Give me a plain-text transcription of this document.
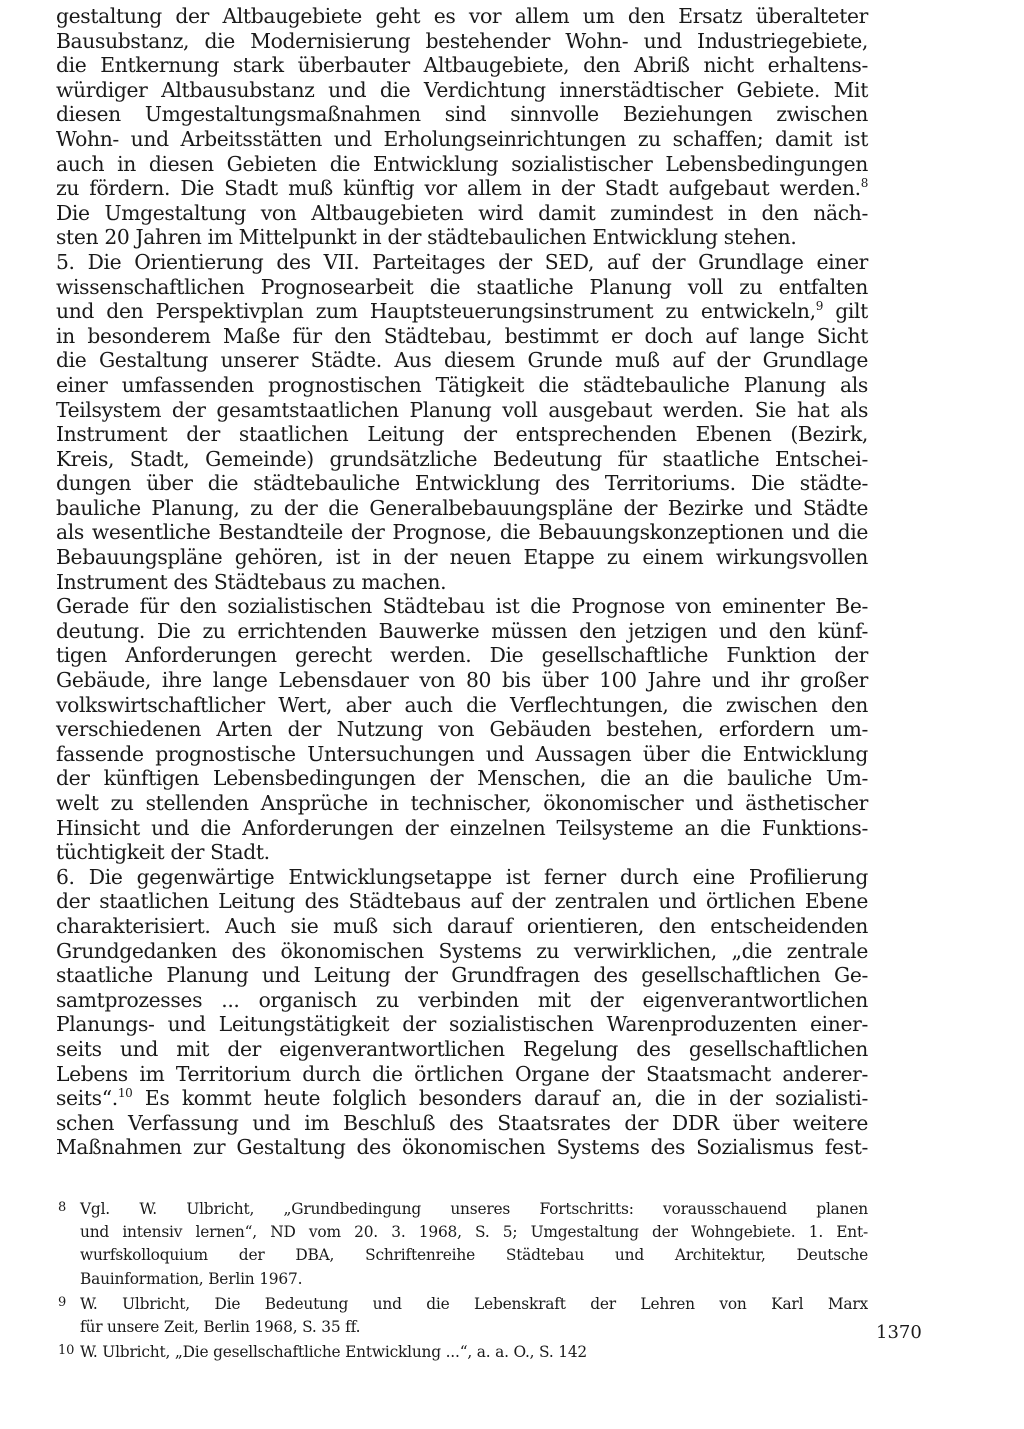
gestaltung der Altbaugebiete geht es vor allem um den Ersatz überalteter
Bausubstanz, die Modernisierung bestehender Wohn- und Industriegebiete,
die Entkernung stark überbauter Altbaugebiete, den Abriß nicht erhaltens-
würdiger Altbausubstanz und die Verdichtung innerstädtischer Gebiete. Mit
diesen Umgestaltungsmaßnahmen sind sinnvolle Beziehungen zwischen
Wohn- und Arbeitsstätten und Erholungseinrichtungen zu schaffen; damit ist
auch in diesen Gebieten die Entwicklung sozialistischer Lebensbedingungen
zu fördern. Die Stadt muß künftig vor allem in der Stadt aufgebaut werden.$^8$
Die Umgestaltung von Altbaugebieten wird damit zumindest in den näch-
sten 20 Jahren im Mittelpunkt in der städtebaulichen Entwicklung stehen.
5. Die Orientierung des VII. Parteitages der SED, auf der Grundlage einer
wissenschaftlichen Prognosearbeit die staatliche Planung voll zu entfalten
und den Perspektivplan zum Hauptsteuerungsinstrument zu entwickeln,$^9$ gilt
in besonderem Maße für den Städtebau, bestimmt er doch auf lange Sicht
die Gestaltung unserer Städte. Aus diesem Grunde muß auf der Grundlage
einer umfassenden prognostischen Tätigkeit die städtebauliche Planung als
Teilsystem der gesamtstaatlichen Planung voll ausgebaut werden. Sie hat als
Instrument der staatlichen Leitung der entsprechenden Ebenen (Bezirk,
Kreis, Stadt, Gemeinde) grundsätzliche Bedeutung für staatliche Entschei-
dungen über die städtebauliche Entwicklung des Territoriums. Die städte-
bauliche Planung, zu der die Generalbebauungspläne der Bezirke und Städte
als wesentliche Bestandteile der Prognose, die Bebauungskonzeptionen und die
Bebauungspläne gehören, ist in der neuen Etappe zu einem wirkungsvollen
Instrument des Städtebaus zu machen.
Gerade für den sozialistischen Städtebau ist die Prognose von eminenter Be-
deutung. Die zu errichtenden Bauwerke müssen den jetzigen und den künf-
tigen Anforderungen gerecht werden. Die gesellschaftliche Funktion der
Gebäude, ihre lange Lebensdauer von 80 bis über 100 Jahre und ihr großer
volkswirtschaftlicher Wert, aber auch die Verflechtungen, die zwischen den
verschiedenen Arten der Nutzung von Gebäuden bestehen, erfordern um-
fassende prognostische Untersuchungen und Aussagen über die Entwicklung
der künftigen Lebensbedingungen der Menschen, die an die bauliche Um-
welt zu stellenden Ansprüche in technischer, ökonomischer und ästhetischer
Hinsicht und die Anforderungen der einzelnen Teilsysteme an die Funktions-
tüchtigkeit der Stadt.
6. Die gegenwärtige Entwicklungsetappe ist ferner durch eine Profilierung
der staatlichen Leitung des Städtebaus auf der zentralen und örtlichen Ebene
charakterisiert. Auch sie muß sich darauf orientieren, den entscheidenden
Grundgedanken des ökonomischen Systems zu verwirklichen, „die zentrale
staatliche Planung und Leitung der Grundfragen des gesellschaftlichen Ge-
samtprozesses ... organisch zu verbinden mit der eigenverantwortlichen
Planungs- und Leitungstätigkeit der sozialistischen Warenproduzenten einer-
seits und mit der eigenverantwortlichen Regelung des gesellschaftlichen
Lebens im Territorium durch die örtlichen Organe der Staatsmacht anderer-
seits“.$^{10}$ Es kommt heute folglich besonders darauf an, die in der sozialisti-
schen Verfassung und im Beschluß des Staatsrates der DDR über weitere
Maßnahmen zur Gestaltung des ökonomischen Systems des Sozialismus fest-
8 Vgl. W. Ulbricht, „Grundbedingung unseres Fortschritts: vorausschauend planen
und intensiv lernen“, ND vom 20. 3. 1968, S. 5; Umgestaltung der Wohngebiete. 1. Ent-
wurfskolloquium der DBA, Schriftenreihe Städtebau und Architektur, Deutsche
Bauinformation, Berlin 1967.
9 W. Ulbricht, Die Bedeutung und die Lebenskraft der Lehren von Karl Marx
für unsere Zeit, Berlin 1968, S. 35 ff.
10 W. Ulbricht, „Die gesellschaftliche Entwicklung ...“, a. a. O., S. 142
1370
